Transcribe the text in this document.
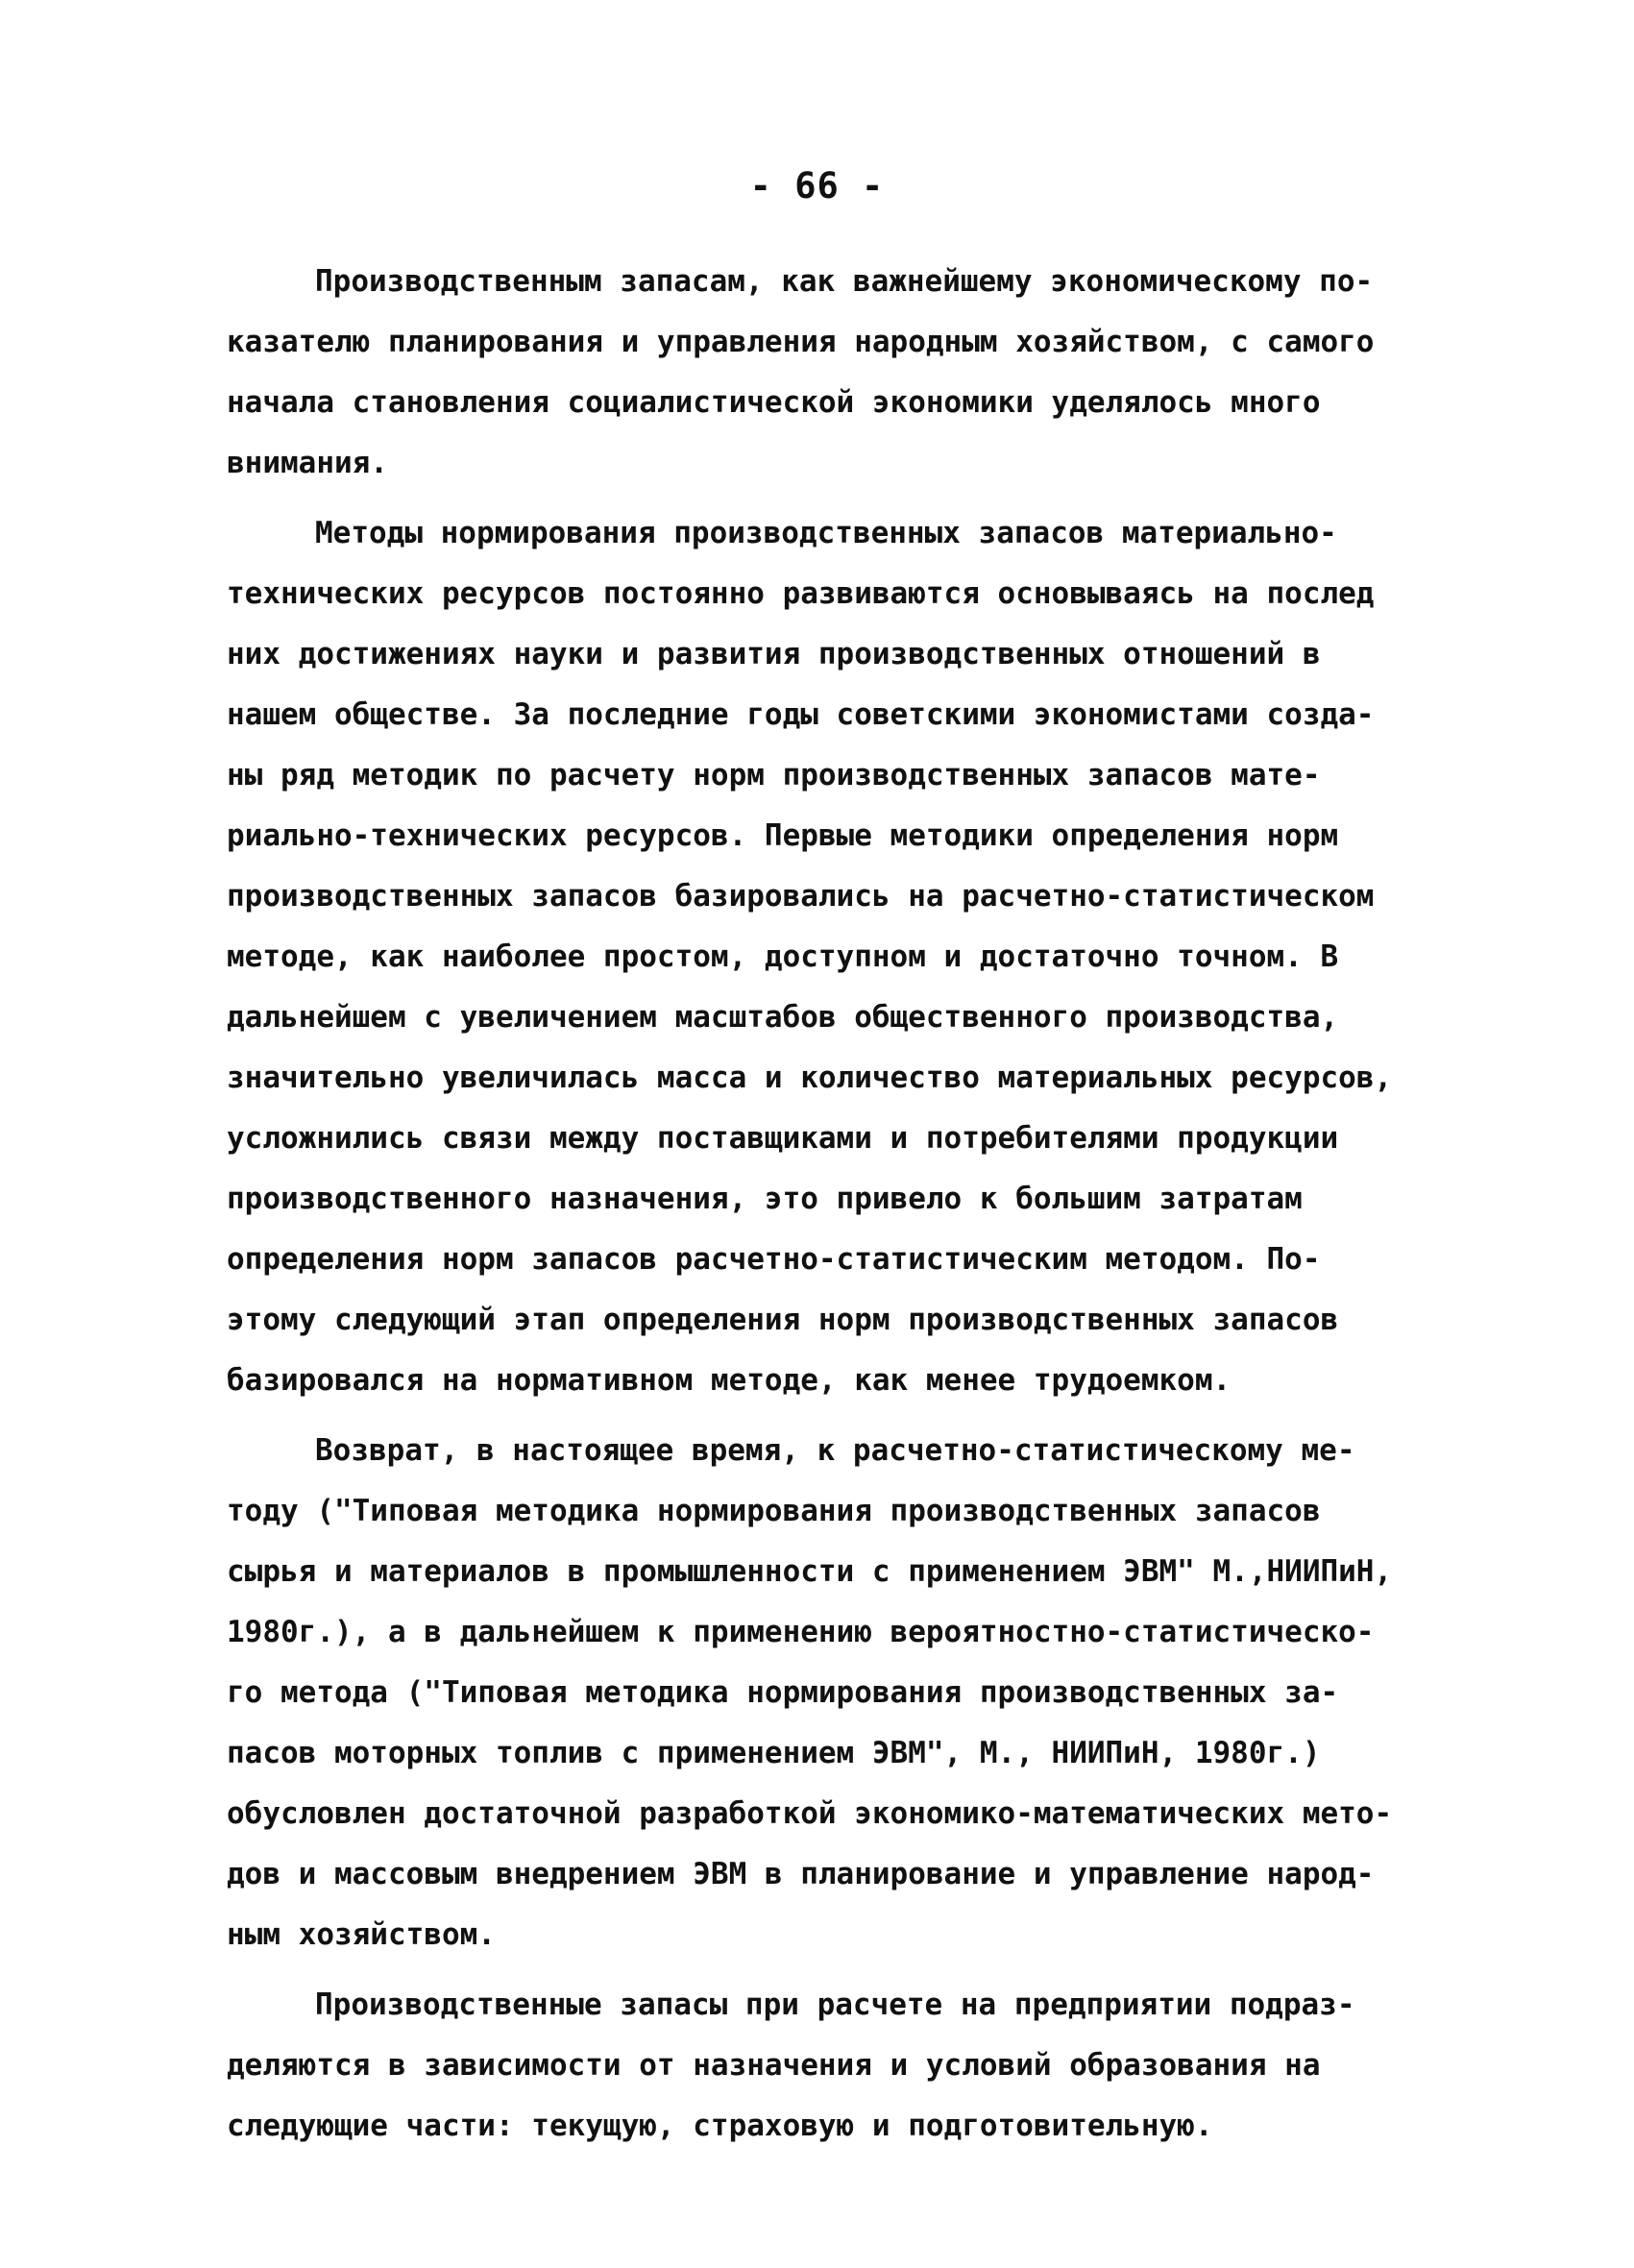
- 66 -
Производственным запасам, как важнейшему экономическому по-
казателю планирования и управления народным хозяйством, с самого
начала становления социалистической экономики уделялось много
внимания.
Методы нормирования производственных запасов материально-
технических ресурсов постоянно развиваются основываясь на послед
них достижениях науки и развития производственных отношений в
нашем обществе. За последние годы советскими экономистами созда-
ны ряд методик по расчету норм производственных запасов мате-
риально-технических ресурсов. Первые методики определения норм
производственных запасов базировались на расчетно-статистическом
методе, как наиболее простом, доступном и достаточно точном. В
дальнейшем с увеличением масштабов общественного производства,
значительно увеличилась масса и количество материальных ресурсов,
усложнились связи между поставщиками и потребителями продукции
производственного назначения, это привело к большим затратам
определения норм запасов расчетно-статистическим методом. По-
этому следующий этап определения норм производственных запасов
базировался на нормативном методе, как менее трудоемком.
Возврат, в настоящее время, к расчетно-статистическому ме-
тоду ("Типовая методика нормирования производственных запасов
сырья и материалов в промышленности с применением ЭВМ" М.,НИИПиН,
1980г.), а в дальнейшем к применению вероятностно-статистическо-
го метода ("Типовая методика нормирования производственных за-
пасов моторных топлив с применением ЭВМ", М., НИИПиН, 1980г.)
обусловлен достаточной разработкой экономико-математических мето-
дов и массовым внедрением ЭВМ в планирование и управление народ-
ным хозяйством.
Производственные запасы при расчете на предприятии подраз-
деляются в зависимости от назначения и условий образования на
следующие части: текущую, страховую и подготовительную.
